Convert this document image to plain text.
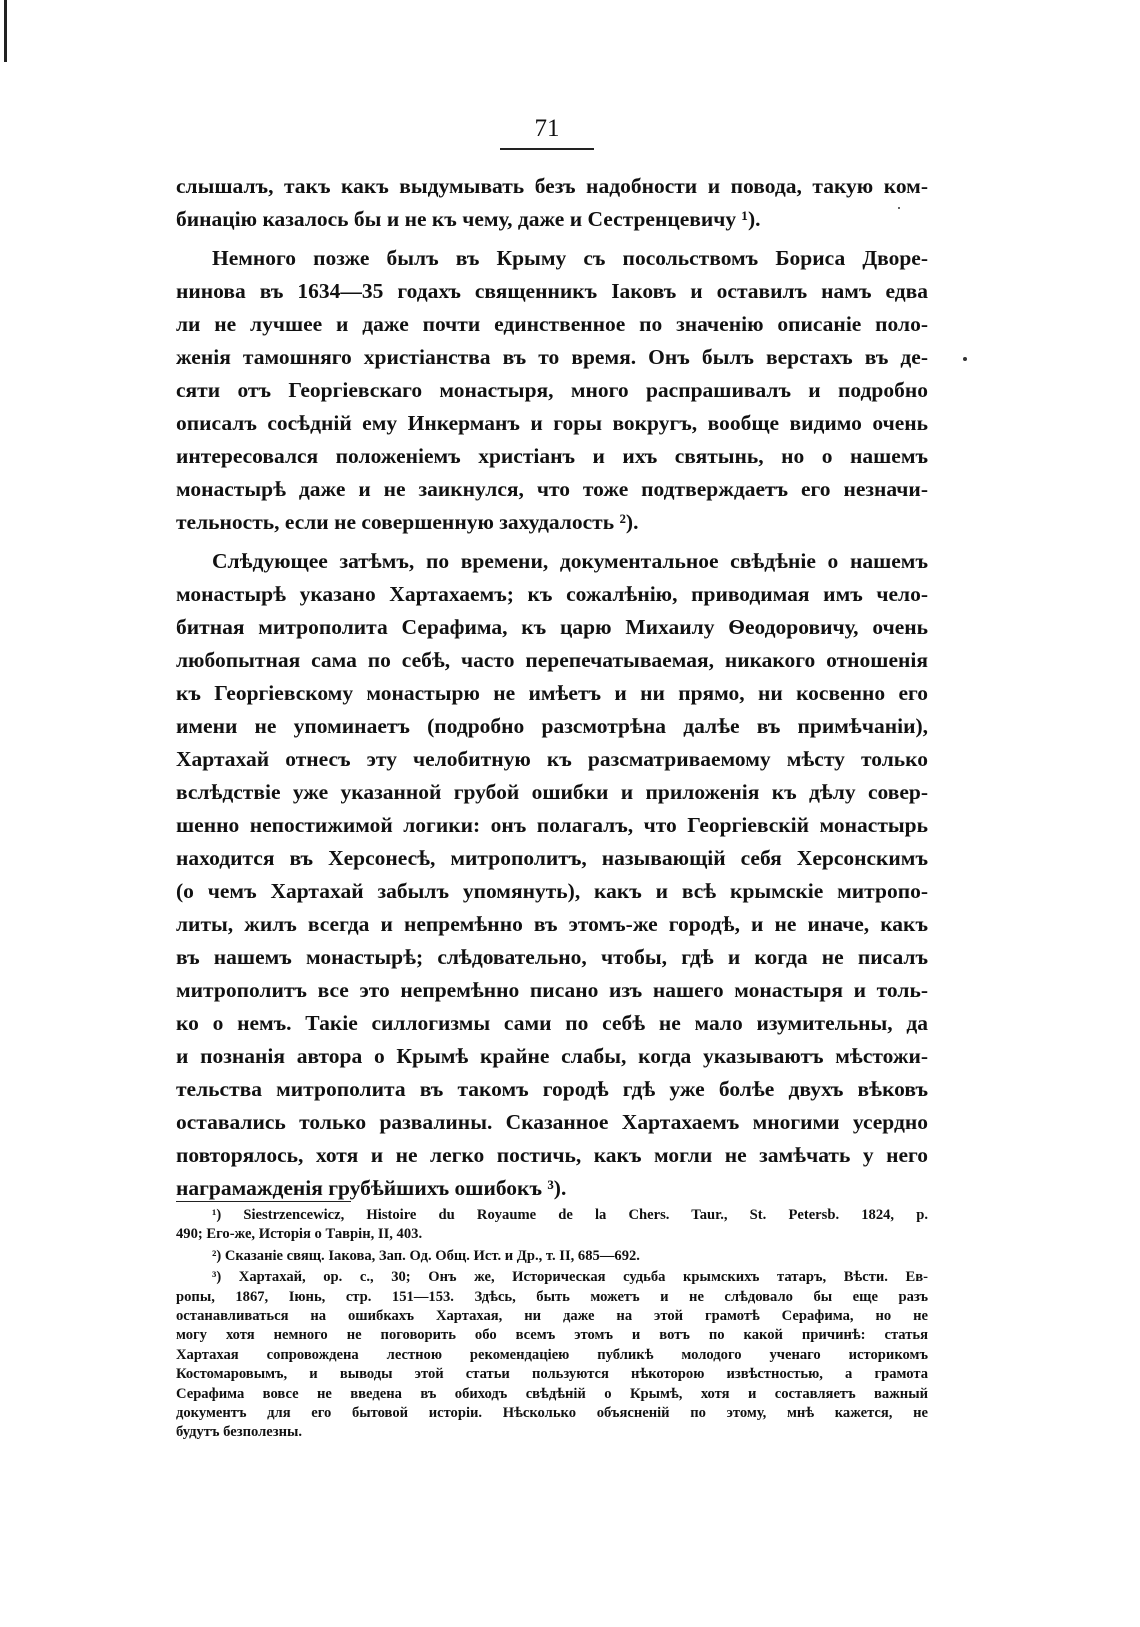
71
слышалъ, такъ какъ выдумывать безъ надобности и повода, такую ком-
бинацію казалось бы и не къ чему, даже и Сестренцевичу ¹).
Немного позже былъ въ Крыму съ посольствомъ Бориса Дворе-
нинова въ 1634—35 годахъ священникъ Іаковъ и оставилъ намъ едва
ли не лучшее и даже почти единственное по значенію описаніе поло-
женія тамошняго христіанства въ то время. Онъ былъ верстахъ въ де-
сяти отъ Георгіевскаго монастыря, много распрашивалъ и подробно
описалъ сосѣдній ему Инкерманъ и горы вокругъ, вообще видимо очень
интересовался положеніемъ христіанъ и ихъ святынь, но о нашемъ
монастырѣ даже и не заикнулся, что тоже подтверждаетъ его незначи-
тельность, если не совершенную захудалость ²).
Слѣдующее затѣмъ, по времени, документальное свѣдѣніе о нашемъ
монастырѣ указано Хартахаемъ; къ сожалѣнію, приводимая имъ чело-
битная митрополита Серафима, къ царю Михаилу Ѳеодоровичу, очень
любопытная сама по себѣ, часто перепечатываемая, никакого отношенія
къ Георгіевскому монастырю не имѣетъ и ни прямо, ни косвенно его
имени не упоминаетъ (подробно разсмотрѣна далѣе въ примѣчаніи),
Хартахай отнесъ эту челобитную къ разсматриваемому мѣсту только
вслѣдствіе уже указанной грубой ошибки и приложенія къ дѣлу совер-
шенно непостижимой логики: онъ полагалъ, что Георгіевскій монастырь
находится въ Херсонесѣ, митрополитъ, называющій себя Херсонскимъ
(о чемъ Хартахай забылъ упомянуть), какъ и всѣ крымскіе митропо-
литы, жилъ всегда и непремѣнно въ этомъ-же городѣ, и не иначе, какъ
въ нашемъ монастырѣ; слѣдовательно, чтобы, гдѣ и когда не писалъ
митрополитъ все это непремѣнно писано изъ нашего монастыря и толь-
ко о немъ. Такіе силлогизмы сами по себѣ не мало изумительны, да
и познанія автора о Крымѣ крайне слабы, когда указываютъ мѣстожи-
тельства митрополита въ такомъ городѣ гдѣ уже болѣе двухъ вѣковъ
оставались только развалины. Сказанное Хартахаемъ многими усердно
повторялось, хотя и не легко постичь, какъ могли не замѣчать у него
награмажденія грубѣйшихъ ошибокъ ³).
¹) Siestrzencewicz, Histoire du Royaume de la Chers. Taur., St. Petersb. 1824, p.
490; Его-же, Исторія о Таврін, II, 403.
²) Сказаніе свящ. Іакова, Зап. Од. Общ. Ист. и Др., т. II, 685—692.
³) Хартахай, ор. с., 30; Онъ же, Историческая судьба крымскихъ татаръ, Вѣсти. Ев-
ропы, 1867, Іюнь, стр. 151—153. Здѣсь, быть можетъ и не слѣдовало бы еще разъ
останавливаться на ошибкахъ Хартахая, ни даже на этой грамотѣ Серафима, но не
могу хотя немного не поговорить обо всемъ этомъ и вотъ по какой причинѣ: статья
Хартахая сопровождена лестною рекомендаціею публикѣ молодого ученаго историкомъ
Костомаровымъ, и выводы этой статьи пользуются нѣкоторою извѣстностью, а грамота
Серафима вовсе не введена въ обиходъ свѣдѣній о Крымѣ, хотя и составляетъ важный
документъ для его бытовой исторіи. Нѣсколько объясненій по этому, мнѣ кажется, не
будутъ безполезны.
